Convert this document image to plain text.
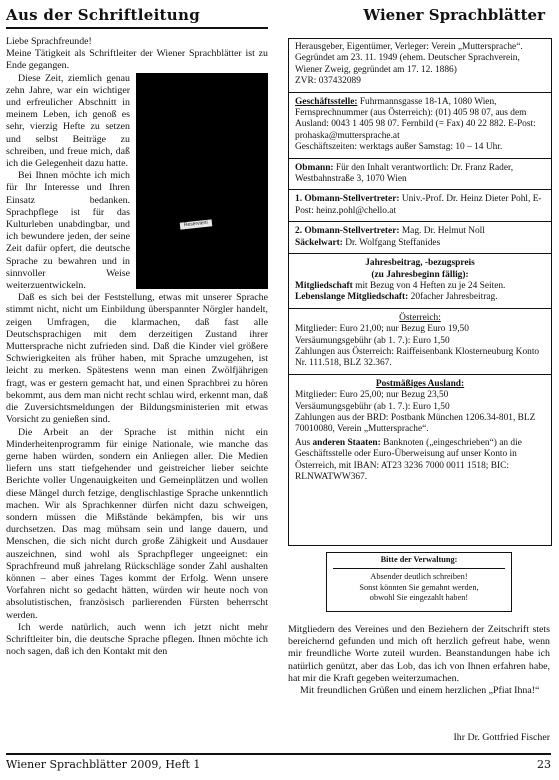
Aus der Schriftleitung	Wiener Sprachblätter

Liebe Sprachfreunde!

Meine Tätigkeit als Schriftleiter der Wiener Sprachblätter ist zu Ende gegangen.

Reserviert!

Diese Zeit, ziemlich genau zehn Jahre, war ein wichtiger und erfreulicher Abschnitt in meinem Leben, ich genoß es sehr, vierzig Hefte zu setzen und selbst Beiträge zu schreiben, und freue mich, daß ich die Gelegenheit dazu hatte.

Bei Ihnen möchte ich mich für Ihr Interesse und Ihren Einsatz bedanken. Sprachpflege ist für das Kulturleben unabdingbar, und ich bewundere jeden, der seine Zeit dafür opfert, die deutsche Sprache zu bewahren und in sinnvoller Weise weiterzuentwickeln.

Daß es sich bei der Feststellung, etwas mit unserer Sprache stimmt nicht, nicht um Einbildung überspannter Nörgler handelt, zeigen Umfragen, die klarmachen, daß fast alle Deutschsprachigen mit dem derzeitigen Zustand ihrer Muttersprache nicht zufrieden sind. Daß die Kinder viel größere Schwierigkeiten als früher haben, mit Sprache umzugehen, ist leicht zu merken. Spätestens wenn man einen Zwölfjährigen fragt, was er gestern gemacht hat, und einen Sprachbrei zu hören bekommt, aus dem man nicht recht schlau wird, erkennt man, daß die Zuversichtsmeldungen der Bildungsministerien mit etwas Vorsicht zu genießen sind.

Die Arbeit an der Sprache ist mithin nicht ein Minderheitenprogramm für einige Nationale, wie manche das gerne haben würden, sondern ein Anliegen aller. Die Medien liefern uns statt tiefgehender und geistreicher lieber seichte Berichte voller Ungenauigkeiten und Gemeinplätzen und wollen diese Mängel durch fetzige, denglischlastige Sprache unkenntlich machen. Wir als Sprachkenner dürfen nicht dazu schweigen, sondern müssen die Mißstände bekämpfen, bis wir uns durchsetzen. Das mag mühsam sein und lange dauern, und Menschen, die sich nicht durch große Zähigkeit und Ausdauer auszeichnen, sind wohl als Sprachpfleger ungeeignet: ein Sprachfreund muß jahrelang Rückschläge sonder Zahl aushalten können – aber eines Tages kommt der Erfolg. Wenn unsere Vorfahren nicht so gedacht hätten, würden wir heute noch von absolutistischen, französisch parlierenden Fürsten beherrscht werden.

Ich werde natürlich, auch wenn ich jetzt nicht mehr Schriftleiter bin, die deutsche Sprache pflegen. Ihnen möchte ich noch sagen, daß ich den Kontakt mit den

Herausgeber, Eigentümer, Verleger: Verein „Muttersprache“. Gegründet am 23. 11. 1949 (ehem. Deutscher Sprachverein, Wiener Zweig, gegründet am 17. 12. 1886)

ZVR: 037432089

Geschäftsstelle: Fuhrmannsgasse 18-1A, 1080 Wien, Fernsprechnummer (aus Österreich): (01) 405 98 07, aus dem Ausland: 0043 1 405 98 07. Fernbild (= Fax) 40 22 882. E-Post: prohaska@muttersprache.at

Geschäftszeiten: werktags außer Samstag: 10 – 14 Uhr.

Obmann: Für den Inhalt verantwortlich: Dr. Franz Rader, Westbahnstraße 3, 1070 Wien

1. Obmann-Stellvertreter: Univ.-Prof. Dr. Heinz Dieter Pohl, E-Post: heinz.pohl@chello.at

2. Obmann-Stellvertreter: Mag. Dr. Helmut Noll

Säckelwart: Dr. Wolfgang Steffanides

Jahresbeitrag, -bezugspreis

(zu Jahresbeginn fällig):

Mitgliedschaft mit Bezug von 4 Heften zu je 24 Seiten.

Lebenslange Mitgliedschaft: 20facher Jahresbeitrag.

Österreich:

Mitglieder: Euro 21,00; nur Bezug Euro 19,50

Versäumungsgebühr (ab 1. 7.): Euro 1,50

Zahlungen aus Österreich: Raiffeisenbank Klosterneuburg Konto Nr. 111.518, BLZ 32.367.

Postmäßiges Ausland:

Mitglieder: Euro 25,00; nur Bezug 23,50

Versäumungsgebühr (ab 1. 7.): Euro 1,50

Zahlungen aus der BRD: Postbank München 1206.34-801, BLZ 70010080, Verein „Muttersprache“.

Aus anderen Staaten: Banknoten („eingeschrieben“) an die Geschäftsstelle oder Euro-Überweisung auf unser Konto in Österreich, mit IBAN: AT23 3236 7000 0011 1518; BIC: RLNWATWW367.

Bitte der Verwaltung:
Absender deutlich schreiben!
Sonst könnten Sie gemahnt werden,
obwohl Sie eingezahlt haben!

Mitgliedern des Vereines und den Beziehern der Zeitschrift stets bereichernd gefunden und mich oft herzlich gefreut habe, wenn mir freundliche Worte zuteil wurden. Beanstandungen habe ich natürlich genützt, aber das Lob, das ich von Ihnen erfahren habe, hat mir die Kraft gegeben weiterzumachen.

Mit freundlichen Grüßen und einem herzlichen „Pfiat Ihna!“

Ihr Dr. Gottfried Fischer
Wiener Sprachblätter 2009, Heft 1	23
